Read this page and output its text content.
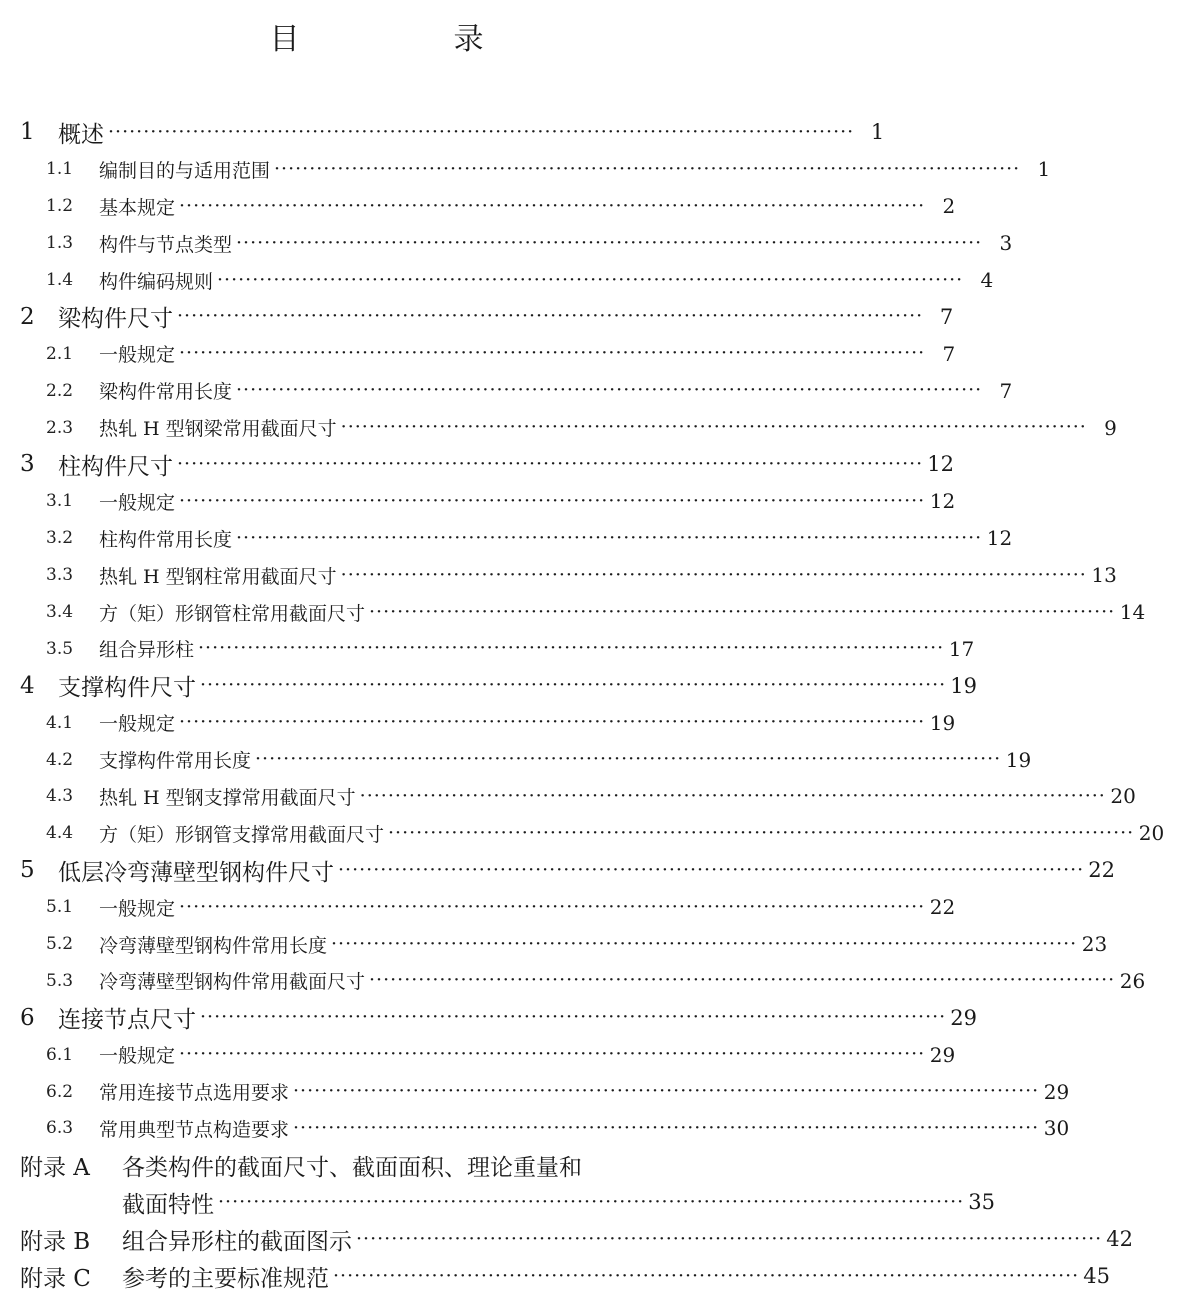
目　录
1	概述 ·········································································································· 1
1.1	编制目的与适用范围 ·········································································································· 1
1.2	基本规定 ·········································································································· 2
1.3	构件与节点类型 ·········································································································· 3
1.4	构件编码规则 ·········································································································· 4
2	梁构件尺寸 ·········································································································· 7
2.1	一般规定 ·········································································································· 7
2.2	梁构件常用长度 ·········································································································· 7
2.3	热轧 H 型钢梁常用截面尺寸 ·········································································································· 9
3	柱构件尺寸 ·········································································································· 12
3.1	一般规定 ·········································································································· 12
3.2	柱构件常用长度 ·········································································································· 12
3.3	热轧 H 型钢柱常用截面尺寸 ·········································································································· 13
3.4	方（矩）形钢管柱常用截面尺寸 ·········································································································· 14
3.5	组合异形柱 ·········································································································· 17
4	支撑构件尺寸 ·········································································································· 19
4.1	一般规定 ·········································································································· 19
4.2	支撑构件常用长度 ·········································································································· 19
4.3	热轧 H 型钢支撑常用截面尺寸 ·········································································································· 20
4.4	方（矩）形钢管支撑常用截面尺寸 ·········································································································· 20
5	低层冷弯薄壁型钢构件尺寸 ·········································································································· 22
5.1	一般规定 ·········································································································· 22
5.2	冷弯薄壁型钢构件常用长度 ·········································································································· 23
5.3	冷弯薄壁型钢构件常用截面尺寸 ·········································································································· 26
6	连接节点尺寸 ·········································································································· 29
6.1	一般规定 ·········································································································· 29
6.2	常用连接节点选用要求 ·········································································································· 29
6.3	常用典型节点构造要求 ·········································································································· 30
附录 A	各类构件的截面尺寸、截面面积、理论重量和
截面特性 ·········································································································· 35
附录 B	组合异形柱的截面图示 ·········································································································· 42
附录 C	参考的主要标准规范 ·········································································································· 45
